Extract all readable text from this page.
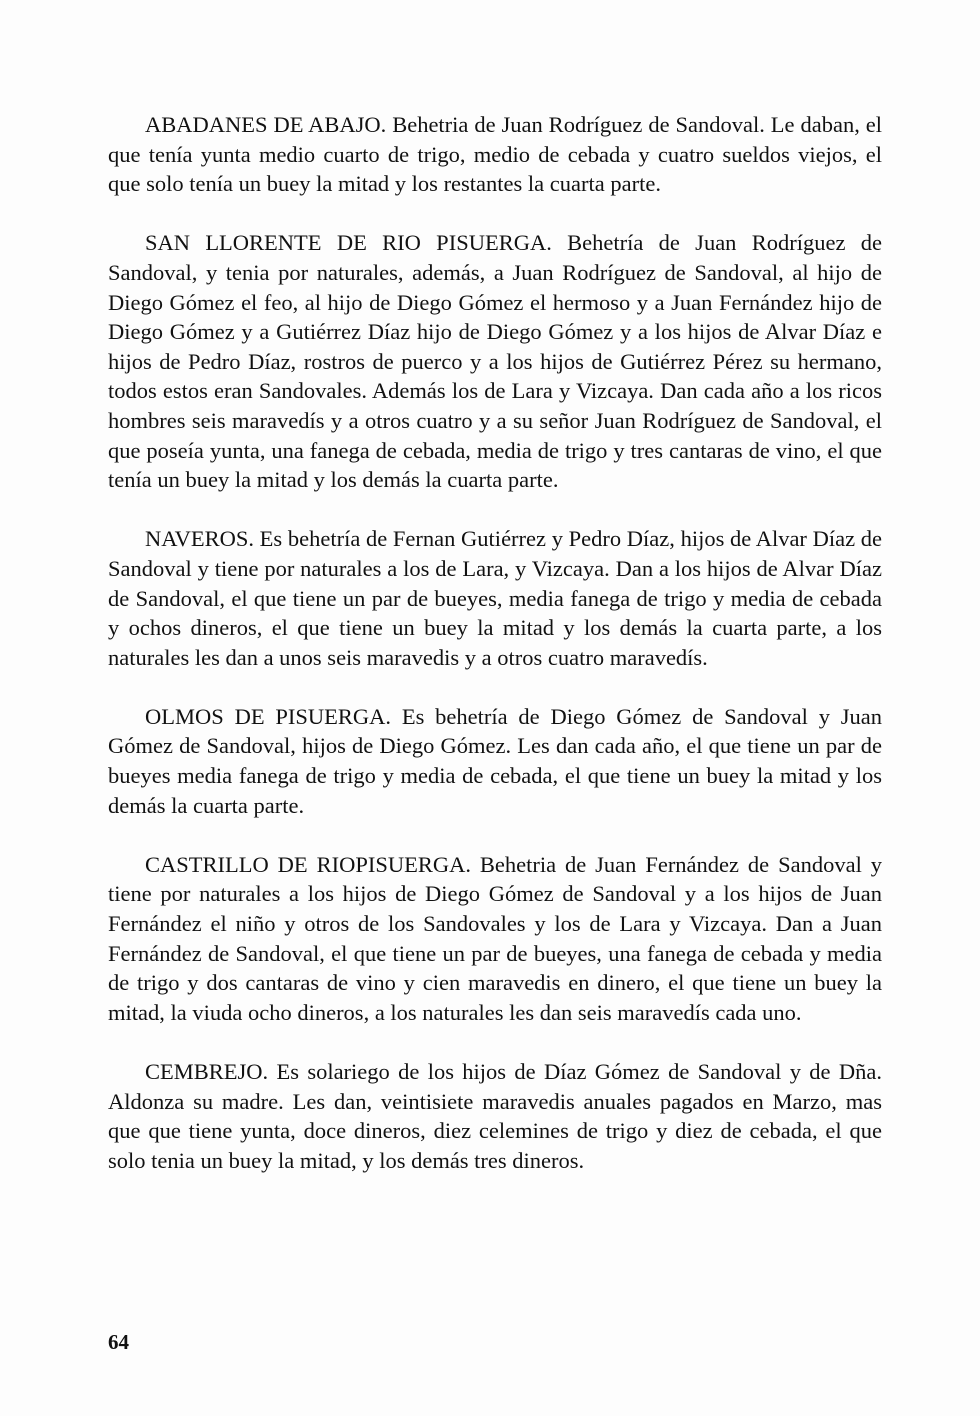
ABADANES DE ABAJO. Behetria de Juan Rodríguez de Sandoval. Le daban, el que tenía yunta medio cuarto de trigo, medio de cebada y cuatro sueldos viejos, el que solo tenía un buey la mitad y los restantes la cuarta parte.

SAN LLORENTE DE RIO PISUERGA. Behetría de Juan Rodríguez de Sandoval, y tenia por naturales, además, a Juan Rodríguez de Sandoval, al hijo de Diego Gómez el feo, al hijo de Diego Gómez el hermoso y a Juan Fernández hijo de Diego Gómez y a Gutiérrez Díaz hijo de Diego Gómez y a los hijos de Alvar Díaz e hijos de Pedro Díaz, rostros de puerco y a los hijos de Gutiérrez Pérez su hermano, todos estos eran Sandovales. Además los de Lara y Vizcaya. Dan cada año a los ricos hombres seis maravedís y a otros cuatro y a su señor Juan Rodríguez de Sandoval, el que poseía yunta, una fanega de cebada, media de trigo y tres cantaras de vino, el que tenía un buey la mitad y los demás la cuarta parte.

NAVEROS. Es behetría de Fernan Gutiérrez y Pedro Díaz, hijos de Alvar Díaz de Sandoval y tiene por naturales a los de Lara, y Vizcaya. Dan a los hijos de Alvar Díaz de Sandoval, el que tiene un par de bueyes, media fanega de trigo y media de cebada y ochos dineros, el que tiene un buey la mitad y los demás la cuarta parte, a los naturales les dan a unos seis maravedis y a otros cuatro maravedís.

OLMOS DE PISUERGA. Es behetría de Diego Gómez de Sandoval y Juan Gómez de Sandoval, hijos de Diego Gómez. Les dan cada año, el que tiene un par de bueyes media fanega de trigo y media de cebada, el que tiene un buey la mitad y los demás la cuarta parte.

CASTRILLO DE RIOPISUERGA. Behetria de Juan Fernández de Sandoval y tiene por naturales a los hijos de Diego Gómez de Sandoval y a los hijos de Juan Fernández el niño y otros de los Sandovales y los de Lara y Vizcaya. Dan a Juan Fernández de Sandoval, el que tiene un par de bueyes, una fanega de cebada y media de trigo y dos cantaras de vino y cien maravedis en dinero, el que tiene un buey la mitad, la viuda ocho dineros, a los naturales les dan seis maravedís cada uno.

CEMBREJO. Es solariego de los hijos de Díaz Gómez de Sandoval y de Dña. Aldonza su madre. Les dan, veintisiete maravedis anuales pagados en Marzo, mas que que tiene yunta, doce dineros, diez celemines de trigo y diez de cebada, el que solo tenia un buey la mitad, y los demás tres dineros.

64
